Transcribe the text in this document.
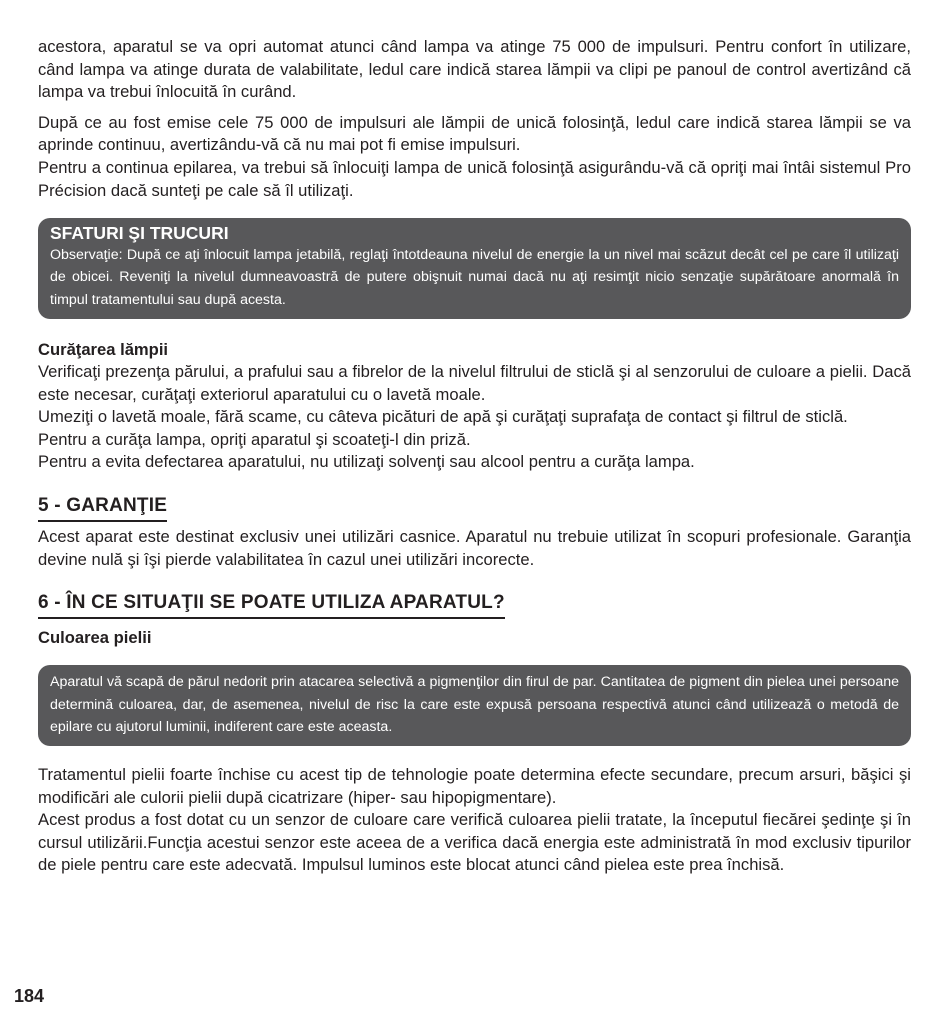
acestora, aparatul se va opri automat atunci când lampa va atinge 75 000 de impulsuri. Pentru confort în utilizare, când lampa va atinge durata de valabilitate, ledul care indică starea lămpii va clipi pe panoul de control avertizând că lampa va trebui înlocuită în curând.

După ce au fost emise cele 75 000 de impulsuri ale lămpii de unică folosinţă, ledul care indică starea lămpii se va aprinde continuu, avertizându-vă că nu mai pot fi emise impulsuri.

Pentru a continua epilarea, va trebui să înlocuiţi lampa de unică folosinţă asigurându-vă că opriţi mai întâi sistemul Pro Précision dacă sunteţi pe cale să îl utilizaţi.

SFATURI ŞI TRUCURI

Observaţie: După ce aţi înlocuit lampa jetabilă, reglaţi întotdeauna nivelul de energie la un nivel mai scăzut decât cel pe care îl utilizaţi de obicei. Reveniţi la nivelul dumneavoastră de putere obişnuit numai dacă nu aţi resimţit nicio senzaţie supărătoare anormală în timpul tratamentului sau după acesta.

Curăţarea lămpii

Verificaţi prezenţa părului, a prafului sau a fibrelor de la nivelul filtrului de sticlă şi al senzorului de culoare a pielii. Dacă este necesar, curăţaţi exteriorul aparatului cu o lavetă moale.

Umeziţi o lavetă moale, fără scame, cu câteva picături de apă şi curăţaţi suprafaţa de contact şi filtrul de sticlă.

Pentru a curăţa lampa, opriţi aparatul şi scoateţi-l din priză.

Pentru a evita defectarea aparatului, nu utilizaţi solvenţi sau alcool pentru a curăţa lampa.

5 - GARANŢIE

Acest aparat este destinat exclusiv unei utilizări casnice. Aparatul nu trebuie utilizat în scopuri profesionale. Garanţia devine nulă şi îşi pierde valabilitatea în cazul unei utilizări incorecte.

6 - ÎN CE SITUAŢII SE POATE UTILIZA APARATUL?

Culoarea pielii

Aparatul vă scapă de părul nedorit prin atacarea selectivă a pigmenţilor din firul de par. Cantitatea de pigment din pielea unei persoane determină culoarea, dar, de asemenea, nivelul de risc la care este expusă persoana respectivă atunci când utilizează o metodă de epilare cu ajutorul luminii, indiferent care este aceasta.

Tratamentul pielii foarte închise cu acest tip de tehnologie poate determina efecte secundare, precum arsuri, băşici şi modificări ale culorii pielii după cicatrizare (hiper- sau hipopigmentare).

Acest produs a fost dotat cu un senzor de culoare care verifică culoarea pielii tratate, la începutul fiecărei şedinţe şi în cursul utilizării.Funcţia acestui senzor este aceea de a verifica dacă energia este administrată în mod exclusiv tipurilor de piele pentru care este adecvată. Impulsul luminos este blocat atunci când pielea este prea închisă.

184
